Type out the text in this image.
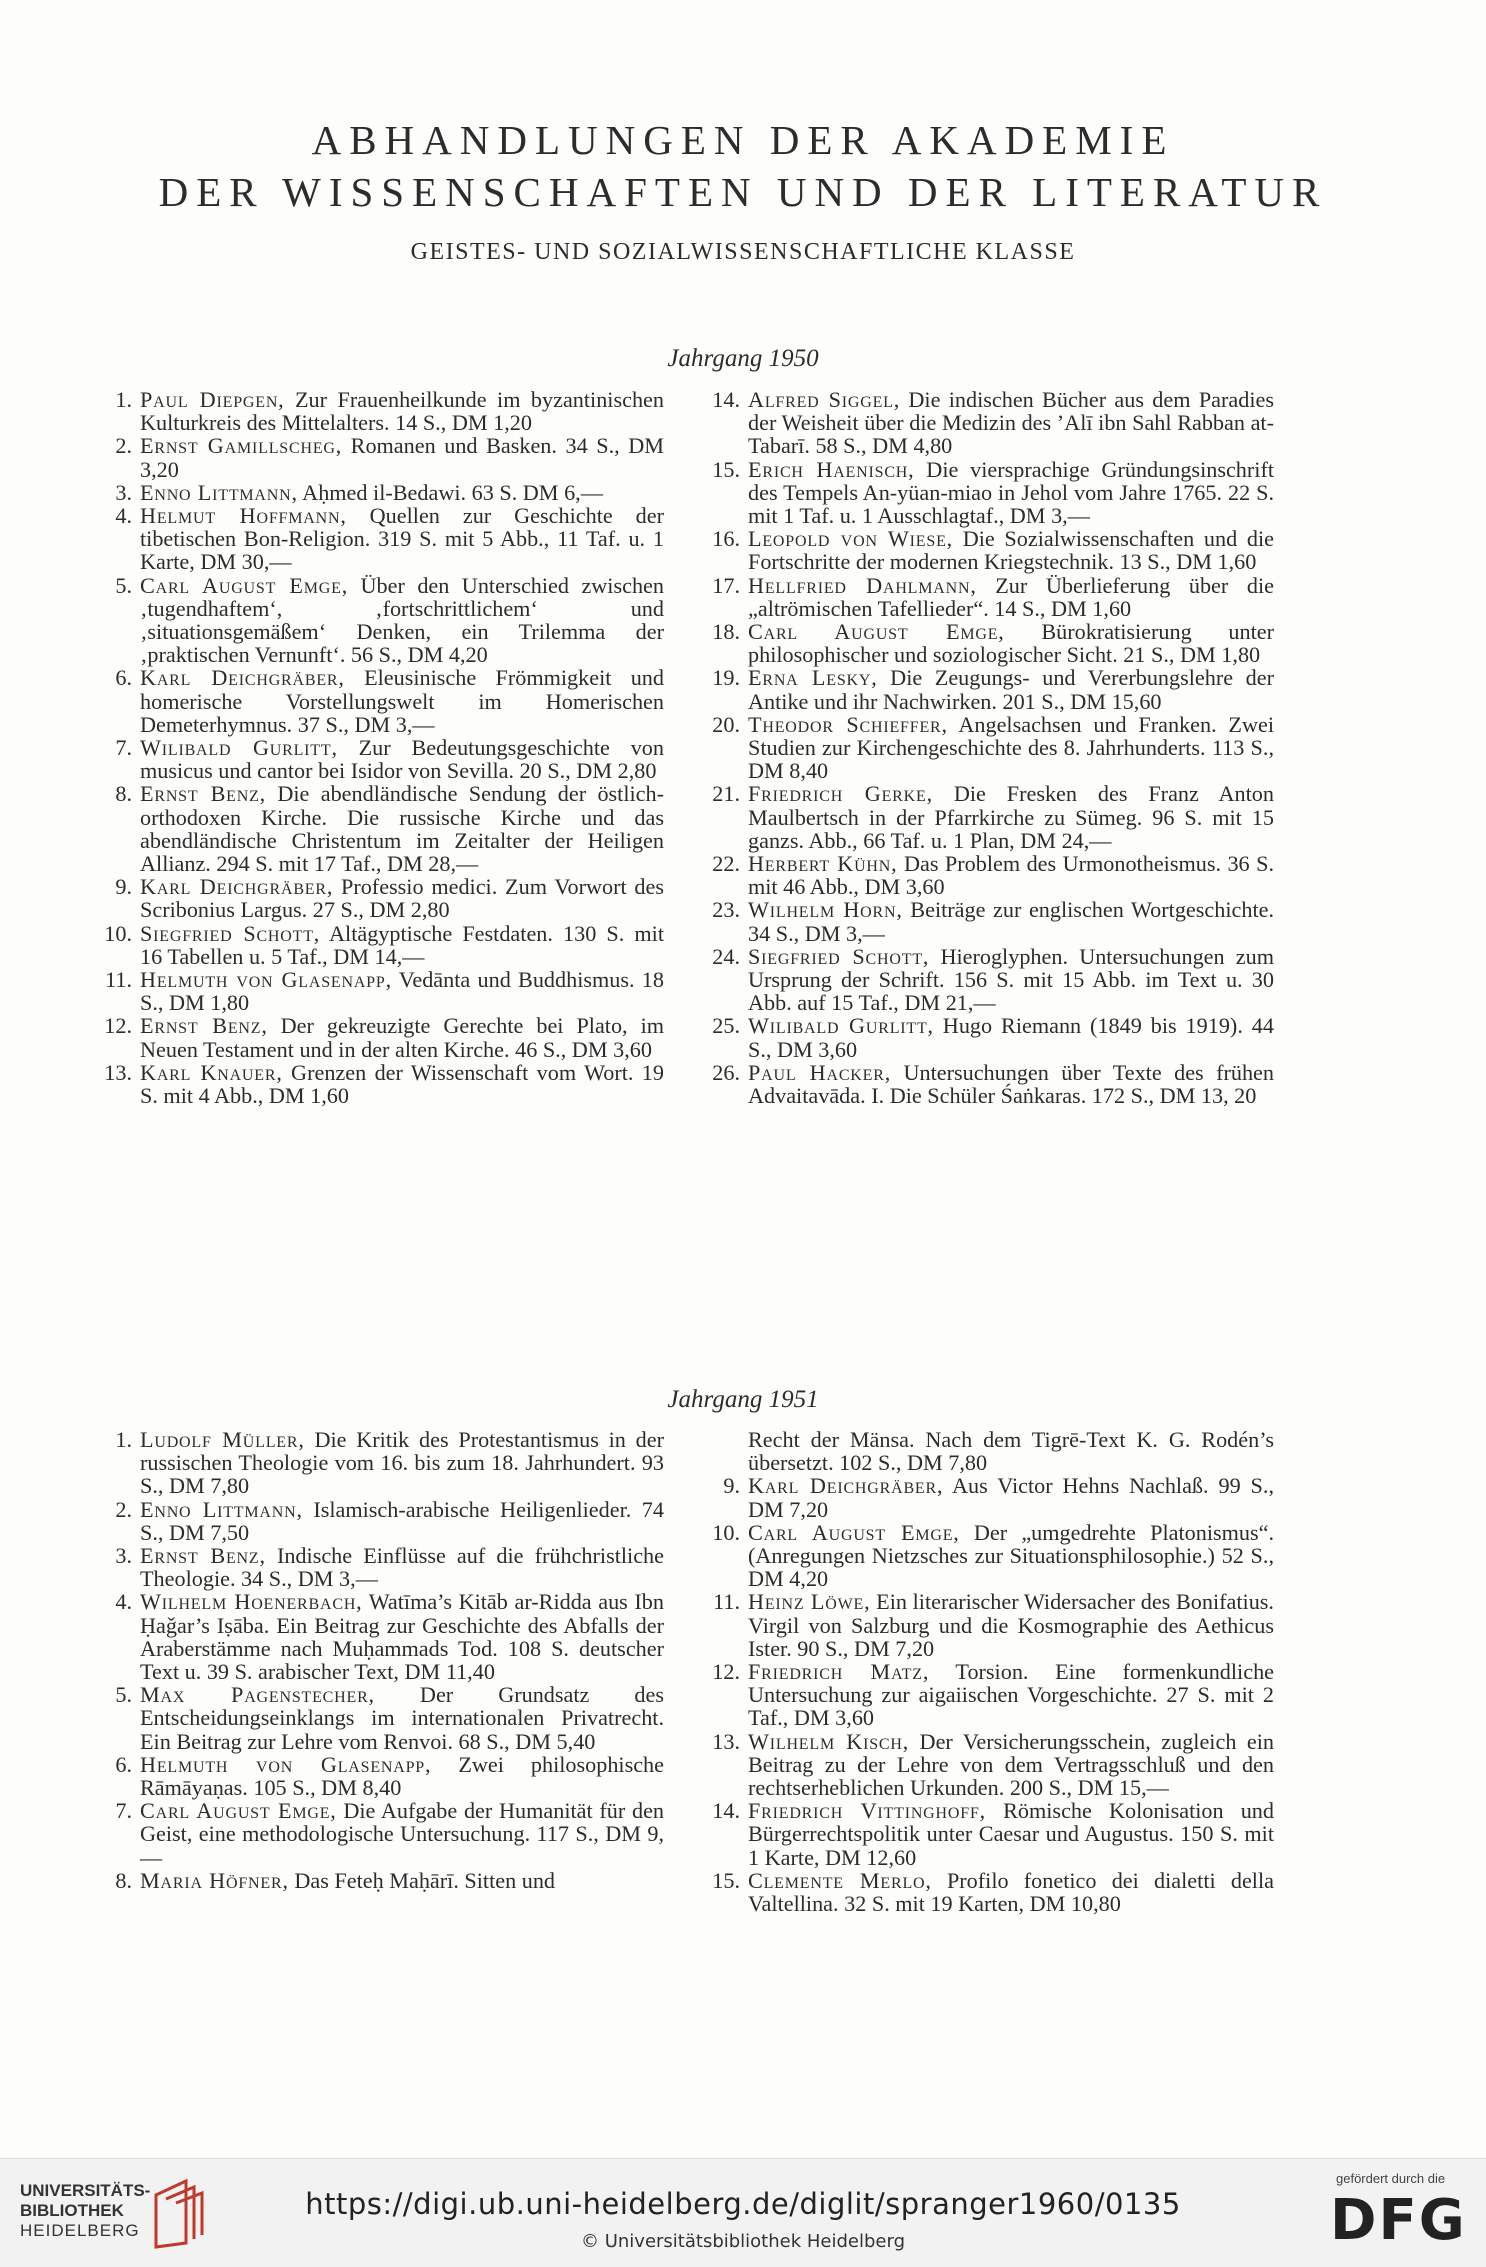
ABHANDLUNGEN DER AKADEMIE
DER WISSENSCHAFTEN UND DER LITERATUR
GEISTES- UND SOZIALWISSENSCHAFTLICHE KLASSE
Jahrgang 1950
1. Paul Diepgen, Zur Frauenheilkunde im byzantinischen Kulturkreis des Mittelalters. 14 S., DM 1,20
2. Ernst Gamillscheg, Romanen und Basken. 34 S., DM 3,20
3. Enno Littmann, Aḥmed il-Bedawi. 63 S. DM 6,—
4. Helmut Hoffmann, Quellen zur Geschichte der tibetischen Bon-Religion. 319 S. mit 5 Abb., 11 Taf. u. 1 Karte, DM 30,—
5. Carl August Emge, Über den Unterschied zwischen ‚tugendhaftem‘, ‚fortschrittlichem‘ und ‚situationsgemäßem‘ Denken, ein Trilemma der ‚praktischen Vernunft‘. 56 S., DM 4,20
6. Karl Deichgräber, Eleusinische Frömmigkeit und homerische Vorstellungswelt im Homerischen Demeterhymnus. 37 S., DM 3,—
7. Wilibald Gurlitt, Zur Bedeutungsgeschichte von musicus und cantor bei Isidor von Sevilla. 20 S., DM 2,80
8. Ernst Benz, Die abendländische Sendung der östlich-orthodoxen Kirche. Die russische Kirche und das abendländische Christentum im Zeitalter der Heiligen Allianz. 294 S. mit 17 Taf., DM 28,—
9. Karl Deichgräber, Professio medici. Zum Vorwort des Scribonius Largus. 27 S., DM 2,80
10. Siegfried Schott, Altägyptische Festdaten. 130 S. mit 16 Tabellen u. 5 Taf., DM 14,—
11. Helmuth von Glasenapp, Vedānta und Buddhismus. 18 S., DM 1,80
12. Ernst Benz, Der gekreuzigte Gerechte bei Plato, im Neuen Testament und in der alten Kirche. 46 S., DM 3,60
13. Karl Knauer, Grenzen der Wissenschaft vom Wort. 19 S. mit 4 Abb., DM 1,60
14. Alfred Siggel, Die indischen Bücher aus dem Paradies der Weisheit über die Medizin des ’Alī ibn Sahl Rabban at-Tabarī. 58 S., DM 4,80
15. Erich Haenisch, Die viersprachige Gründungsinschrift des Tempels An-yüan-miao in Jehol vom Jahre 1765. 22 S. mit 1 Taf. u. 1 Ausschlagtaf., DM 3,—
16. Leopold von Wiese, Die Sozialwissenschaften und die Fortschritte der modernen Kriegstechnik. 13 S., DM 1,60
17. Hellfried Dahlmann, Zur Überlieferung über die „altrömischen Tafellieder“. 14 S., DM 1,60
18. Carl August Emge, Bürokratisierung unter philosophischer und soziologischer Sicht. 21 S., DM 1,80
19. Erna Lesky, Die Zeugungs- und Vererbungslehre der Antike und ihr Nachwirken. 201 S., DM 15,60
20. Theodor Schieffer, Angelsachsen und Franken. Zwei Studien zur Kirchengeschichte des 8. Jahrhunderts. 113 S., DM 8,40
21. Friedrich Gerke, Die Fresken des Franz Anton Maulbertsch in der Pfarrkirche zu Sümeg. 96 S. mit 15 ganzs. Abb., 66 Taf. u. 1 Plan, DM 24,—
22. Herbert Kühn, Das Problem des Urmonotheismus. 36 S. mit 46 Abb., DM 3,60
23. Wilhelm Horn, Beiträge zur englischen Wortgeschichte. 34 S., DM 3,—
24. Siegfried Schott, Hieroglyphen. Untersuchungen zum Ursprung der Schrift. 156 S. mit 15 Abb. im Text u. 30 Abb. auf 15 Taf., DM 21,—
25. Wilibald Gurlitt, Hugo Riemann (1849 bis 1919). 44 S., DM 3,60
26. Paul Hacker, Untersuchungen über Texte des frühen Advaitavāda. I. Die Schüler Śaṅkaras. 172 S., DM 13, 20
Jahrgang 1951
1. Ludolf Müller, Die Kritik des Protestantismus in der russischen Theologie vom 16. bis zum 18. Jahrhundert. 93 S., DM 7,80
2. Enno Littmann, Islamisch-arabische Heiligenlieder. 74 S., DM 7,50
3. Ernst Benz, Indische Einflüsse auf die frühchristliche Theologie. 34 S., DM 3,—
4. Wilhelm Hoenerbach, Watīma’s Kitāb ar-Ridda aus Ibn Ḥaǧar’s Iṣāba. Ein Beitrag zur Geschichte des Abfalls der Araberstämme nach Muḥammads Tod. 108 S. deutscher Text u. 39 S. arabischer Text, DM 11,40
5. Max Pagenstecher, Der Grundsatz des Entscheidungseinklangs im internationalen Privatrecht. Ein Beitrag zur Lehre vom Renvoi. 68 S., DM 5,40
6. Helmuth von Glasenapp, Zwei philosophische Rāmāyaṇas. 105 S., DM 8,40
7. Carl August Emge, Die Aufgabe der Humanität für den Geist, eine methodologische Untersuchung. 117 S., DM 9,—
8. Maria Höfner, Das Feteḥ Maḥārī. Sitten und
Recht der Mänsa. Nach dem Tigrē-Text K. G. Rodén’s übersetzt. 102 S., DM 7,80
9. Karl Deichgräber, Aus Victor Hehns Nachlaß. 99 S., DM 7,20
10. Carl August Emge, Der „umgedrehte Platonismus“. (Anregungen Nietzsches zur Situationsphilosophie.) 52 S., DM 4,20
11. Heinz Löwe, Ein literarischer Widersacher des Bonifatius. Virgil von Salzburg und die Kosmographie des Aethicus Ister. 90 S., DM 7,20
12. Friedrich Matz, Torsion. Eine formenkundliche Untersuchung zur aigaiischen Vorgeschichte. 27 S. mit 2 Taf., DM 3,60
13. Wilhelm Kisch, Der Versicherungsschein, zugleich ein Beitrag zu der Lehre von dem Vertragsschluß und den rechtserheblichen Urkunden. 200 S., DM 15,—
14. Friedrich Vittinghoff, Römische Kolonisation und Bürgerrechtspolitik unter Caesar und Augustus. 150 S. mit 1 Karte, DM 12,60
15. Clemente Merlo, Profilo fonetico dei dialetti della Valtellina. 32 S. mit 19 Karten, DM 10,80
UNIVERSITÄTS-
BIBLIOTHEK
HEIDELBERG
https://digi.ub.uni-heidelberg.de/diglit/spranger1960/0135
© Universitätsbibliothek Heidelberg
gefördert durch die
DFG
